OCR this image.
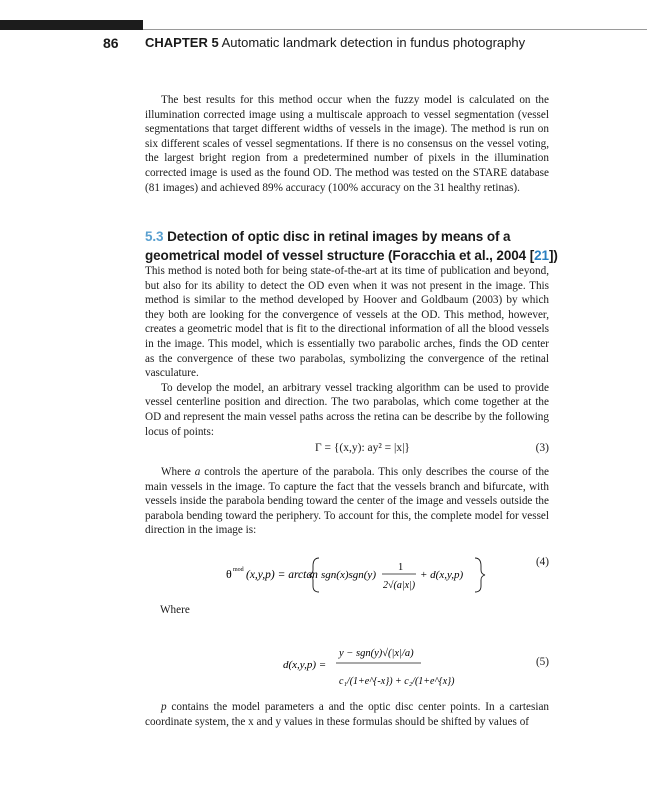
86 CHAPTER 5 Automatic landmark detection in fundus photography

The best results for this method occur when the fuzzy model is calculated on the illumination corrected image using a multiscale approach to vessel segmentation (vessel segmentations that target different widths of vessels in the image). The method is run on six different scales of vessel segmentations. If there is no consensus on the vessel voting, the largest bright region from a predetermined number of pixels in the illumination corrected image is used as the found OD. The method was tested on the STARE database (81 images) and achieved 89% accuracy (100% accuracy on the 31 healthy retinas).

5.3 Detection of optic disc in retinal images by means of a geometrical model of vessel structure (Foracchia et al., 2004 [21])

This method is noted both for being state-of-the-art at its time of publication and beyond, but also for its ability to detect the OD even when it was not present in the image. This method is similar to the method developed by Hoover and Goldbaum (2003) by which they both are looking for the convergence of vessels at the OD. This method, however, creates a geometric model that is fit to the directional information of all the blood vessels in the image. This model, which is essentially two parabolic arches, finds the OD center as the convergence of these two parabolas, symbolizing the convergence of the retinal vasculature.

To develop the model, an arbitrary vessel tracking algorithm can be used to provide vessel centerline position and direction. The two parabolas, which come together at the OD and represent the main vessel paths across the retina can be describe by the following locus of points:

Γ = {(x,y): ay² = |x|}	(3)

Where a controls the aperture of the parabola. This only describes the course of the main vessels in the image. To capture the fact that the vessels branch and bifurcate, with vessels inside the parabola bending toward the center of the image and vessels outside the parabola bending toward the periphery. To account for this, the complete model for vessel direction in the image is:

θ mod (x,y,p) = arctan sgn(x)sgn(y)
1
2√(a|x|)
+ d(x,y,p)
(4)
Where
d(x,y,p) =
y − sgn(y)√(|x|/a)
c₁/(1+e^{-x}) + c₂/(1+e^{x})
(5)

p contains the model parameters a and the optic disc center points. In a cartesian coordinate system, the x and y values in these formulas should be shifted by values of
